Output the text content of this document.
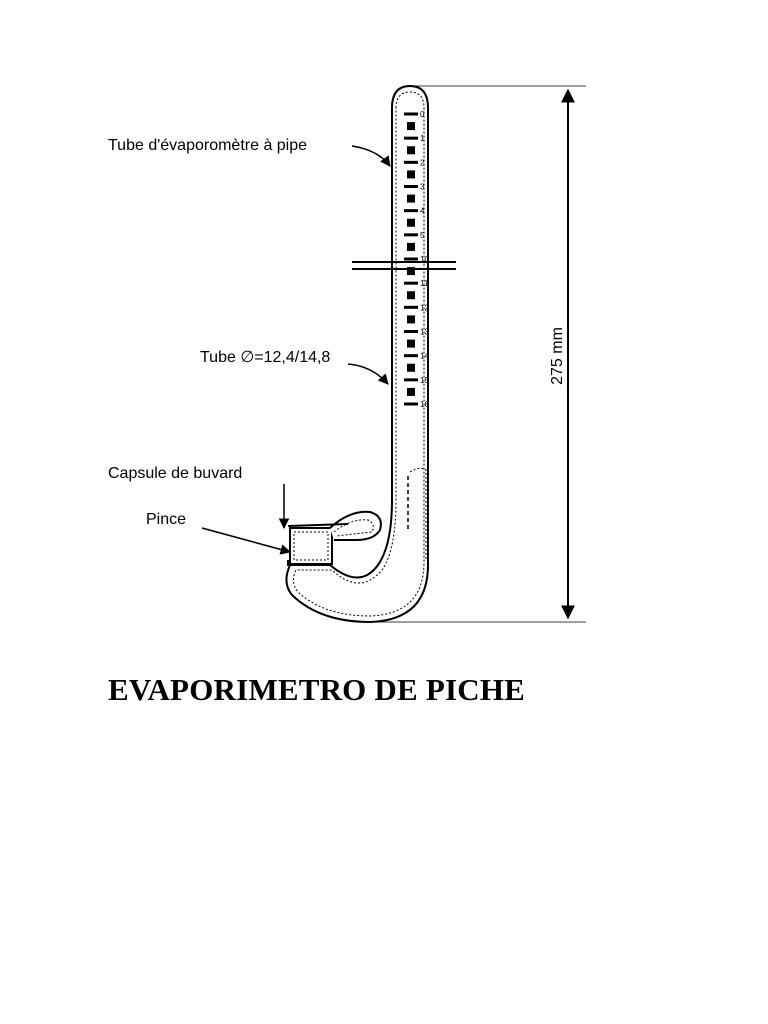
0
1
2
3
4
5
10
11
12
13
14
15
16
275 mm
Tube d'évaporomètre à pipe
Tube ∅=12,4/14,8
Capsule de buvard
Pince
EVAPORIMETRO DE PICHE
